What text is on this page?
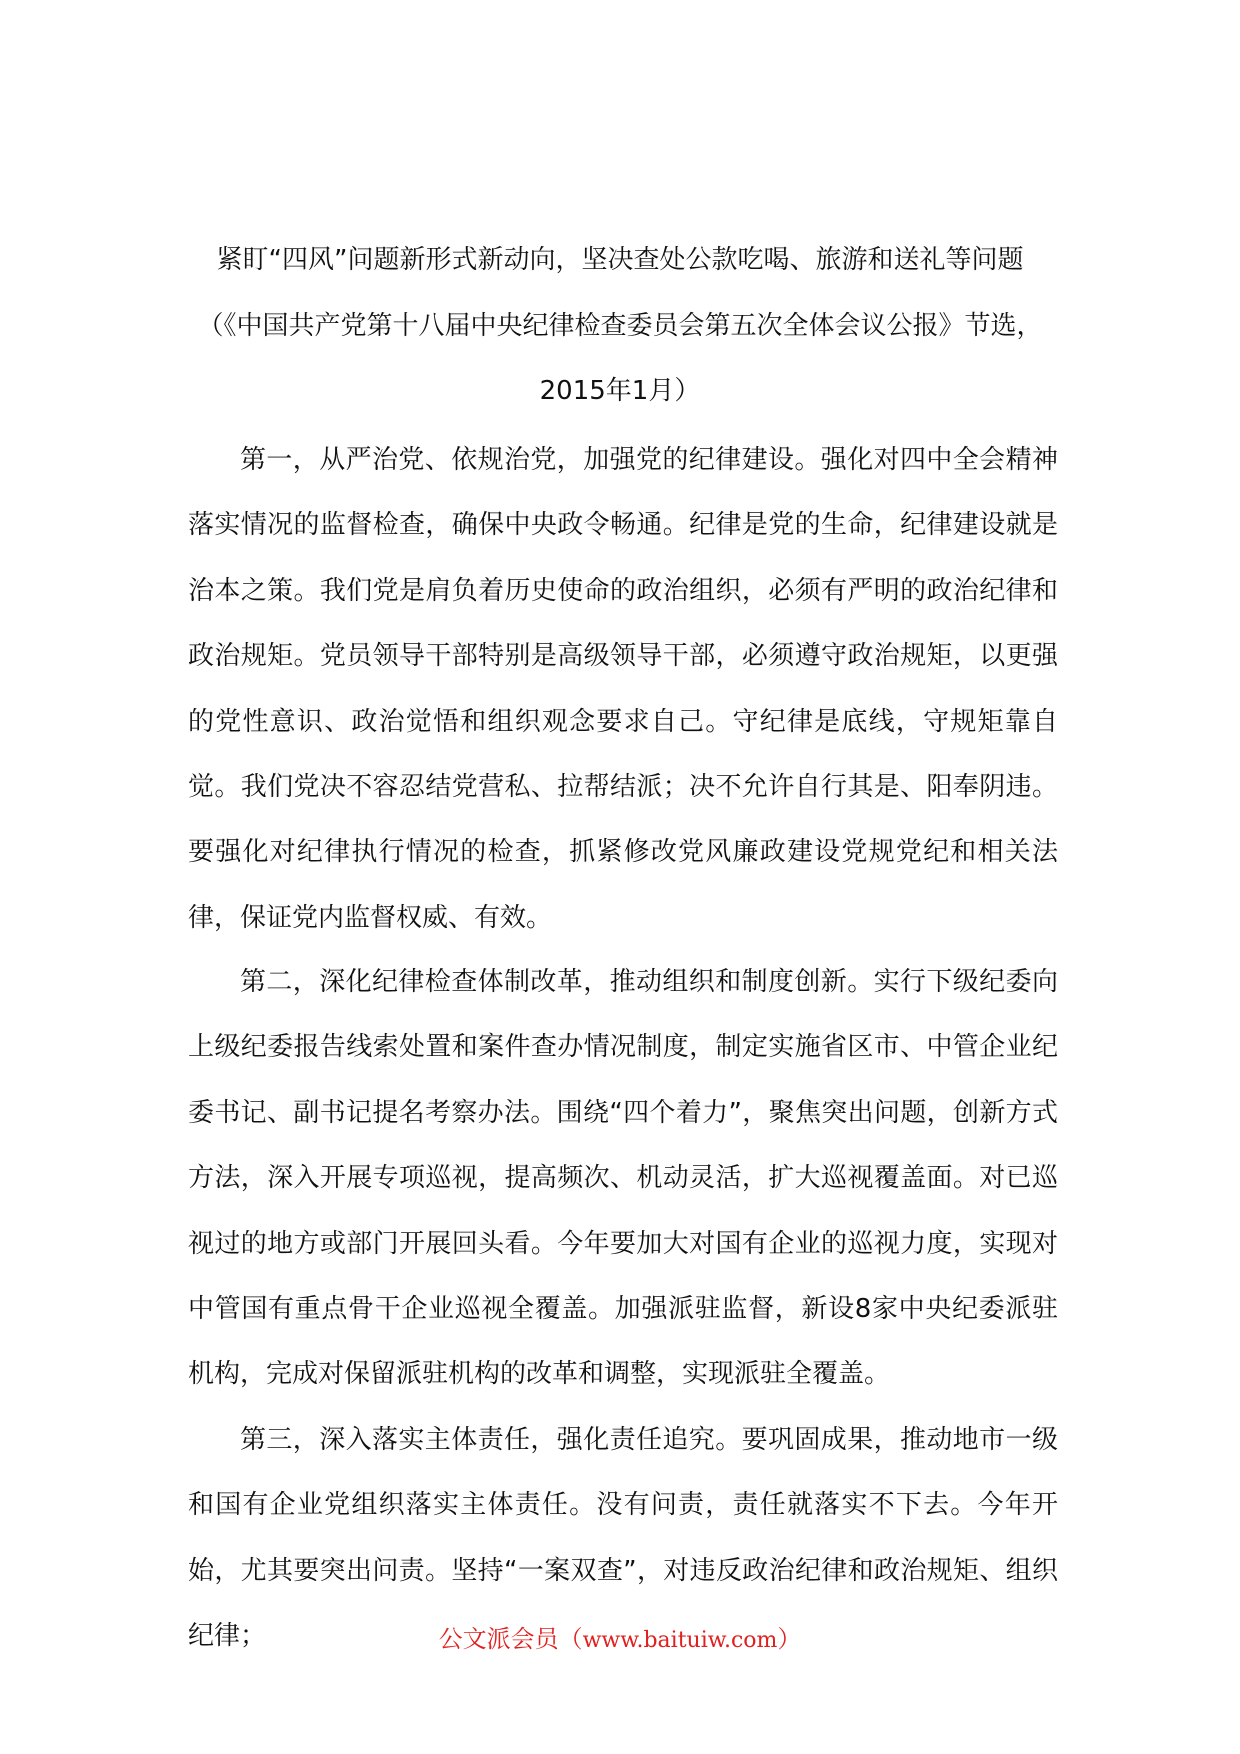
紧盯“四风”问题新形式新动向，坚决查处公款吃喝、旅游和送礼等问题
（《中国共产党第十八届中央纪律检查委员会第五次全体会议公报》节选，
2015年1月）

第一，从严治党、依规治党，加强党的纪律建设。强化对四中全会精神落实情况的监督检查，确保中央政令畅通。纪律是党的生命，纪律建设就是治本之策。我们党是肩负着历史使命的政治组织，必须有严明的政治纪律和政治规矩。党员领导干部特别是高级领导干部，必须遵守政治规矩，以更强的党性意识、政治觉悟和组织观念要求自己。守纪律是底线，守规矩靠自觉。我们党决不容忍结党营私、拉帮结派；决不允许自行其是、阳奉阴违。要强化对纪律执行情况的检查，抓紧修改党风廉政建设党规党纪和相关法律，保证党内监督权威、有效。

第二，深化纪律检查体制改革，推动组织和制度创新。实行下级纪委向上级纪委报告线索处置和案件查办情况制度，制定实施省区市、中管企业纪委书记、副书记提名考察办法。围绕“四个着力”，聚焦突出问题，创新方式方法，深入开展专项巡视，提高频次、机动灵活，扩大巡视覆盖面。对已巡视过的地方或部门开展回头看。今年要加大对国有企业的巡视力度，实现对中管国有重点骨干企业巡视全覆盖。加强派驻监督，新设8家中央纪委派驻机构，完成对保留派驻机构的改革和调整，实现派驻全覆盖。

第三，深入落实主体责任，强化责任追究。要巩固成果，推动地市一级和国有企业党组织落实主体责任。没有问责，责任就落实不下去。今年开始，尤其要突出问责。坚持“一案双查”，对违反政治纪律和政治规矩、组织纪律；	公文派会员（www.baituiw.com）
